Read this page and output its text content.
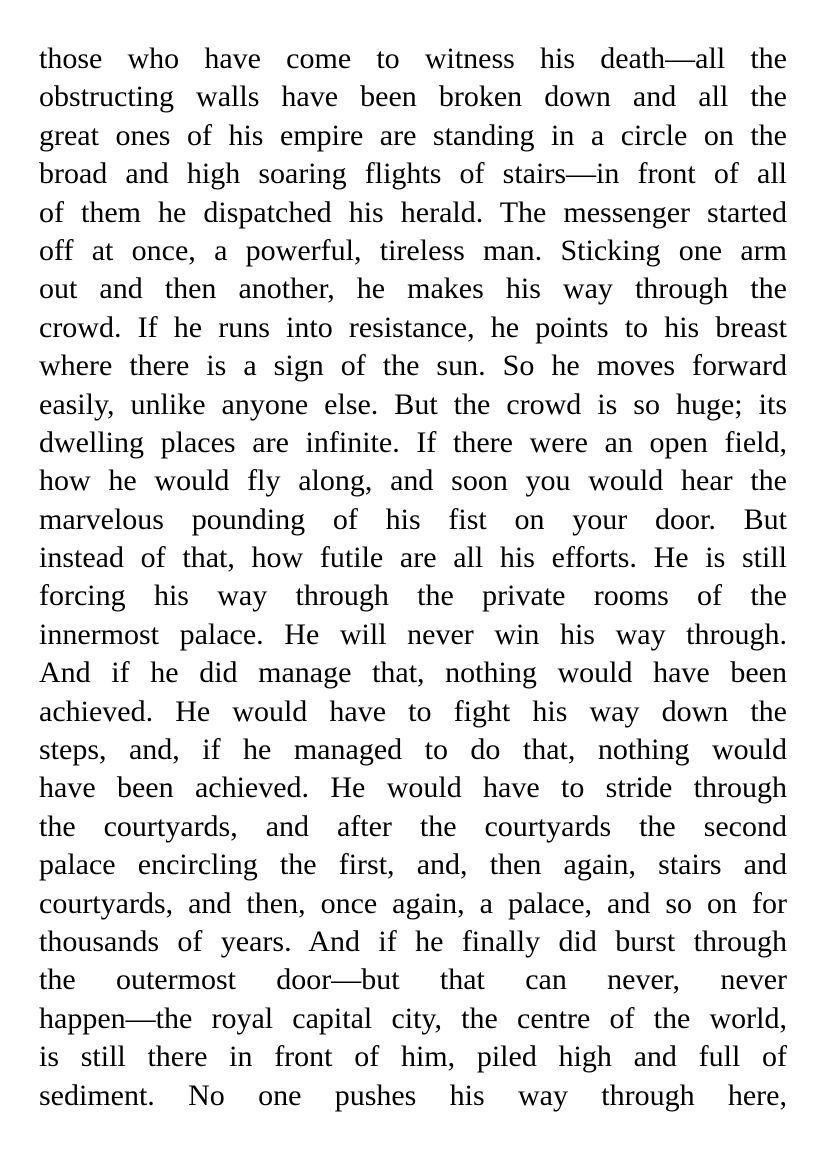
those who have come to witness his death—all the
obstructing walls have been broken down and all the
great ones of his empire are standing in a circle on the
broad and high soaring flights of stairs—in front of all
of them he dispatched his herald. The messenger started
off at once, a powerful, tireless man. Sticking one arm
out and then another, he makes his way through the
crowd. If he runs into resistance, he points to his breast
where there is a sign of the sun. So he moves forward
easily, unlike anyone else. But the crowd is so huge; its
dwelling places are infinite. If there were an open field,
how he would fly along, and soon you would hear the
marvelous pounding of his fist on your door. But
instead of that, how futile are all his efforts. He is still
forcing his way through the private rooms of the
innermost palace. He will never win his way through.
And if he did manage that, nothing would have been
achieved. He would have to fight his way down the
steps, and, if he managed to do that, nothing would
have been achieved. He would have to stride through
the courtyards, and after the courtyards the second
palace encircling the first, and, then again, stairs and
courtyards, and then, once again, a palace, and so on for
thousands of years. And if he finally did burst through
the outermost door—but that can never, never
happen—the royal capital city, the centre of the world,
is still there in front of him, piled high and full of
sediment. No one pushes his way through here,
